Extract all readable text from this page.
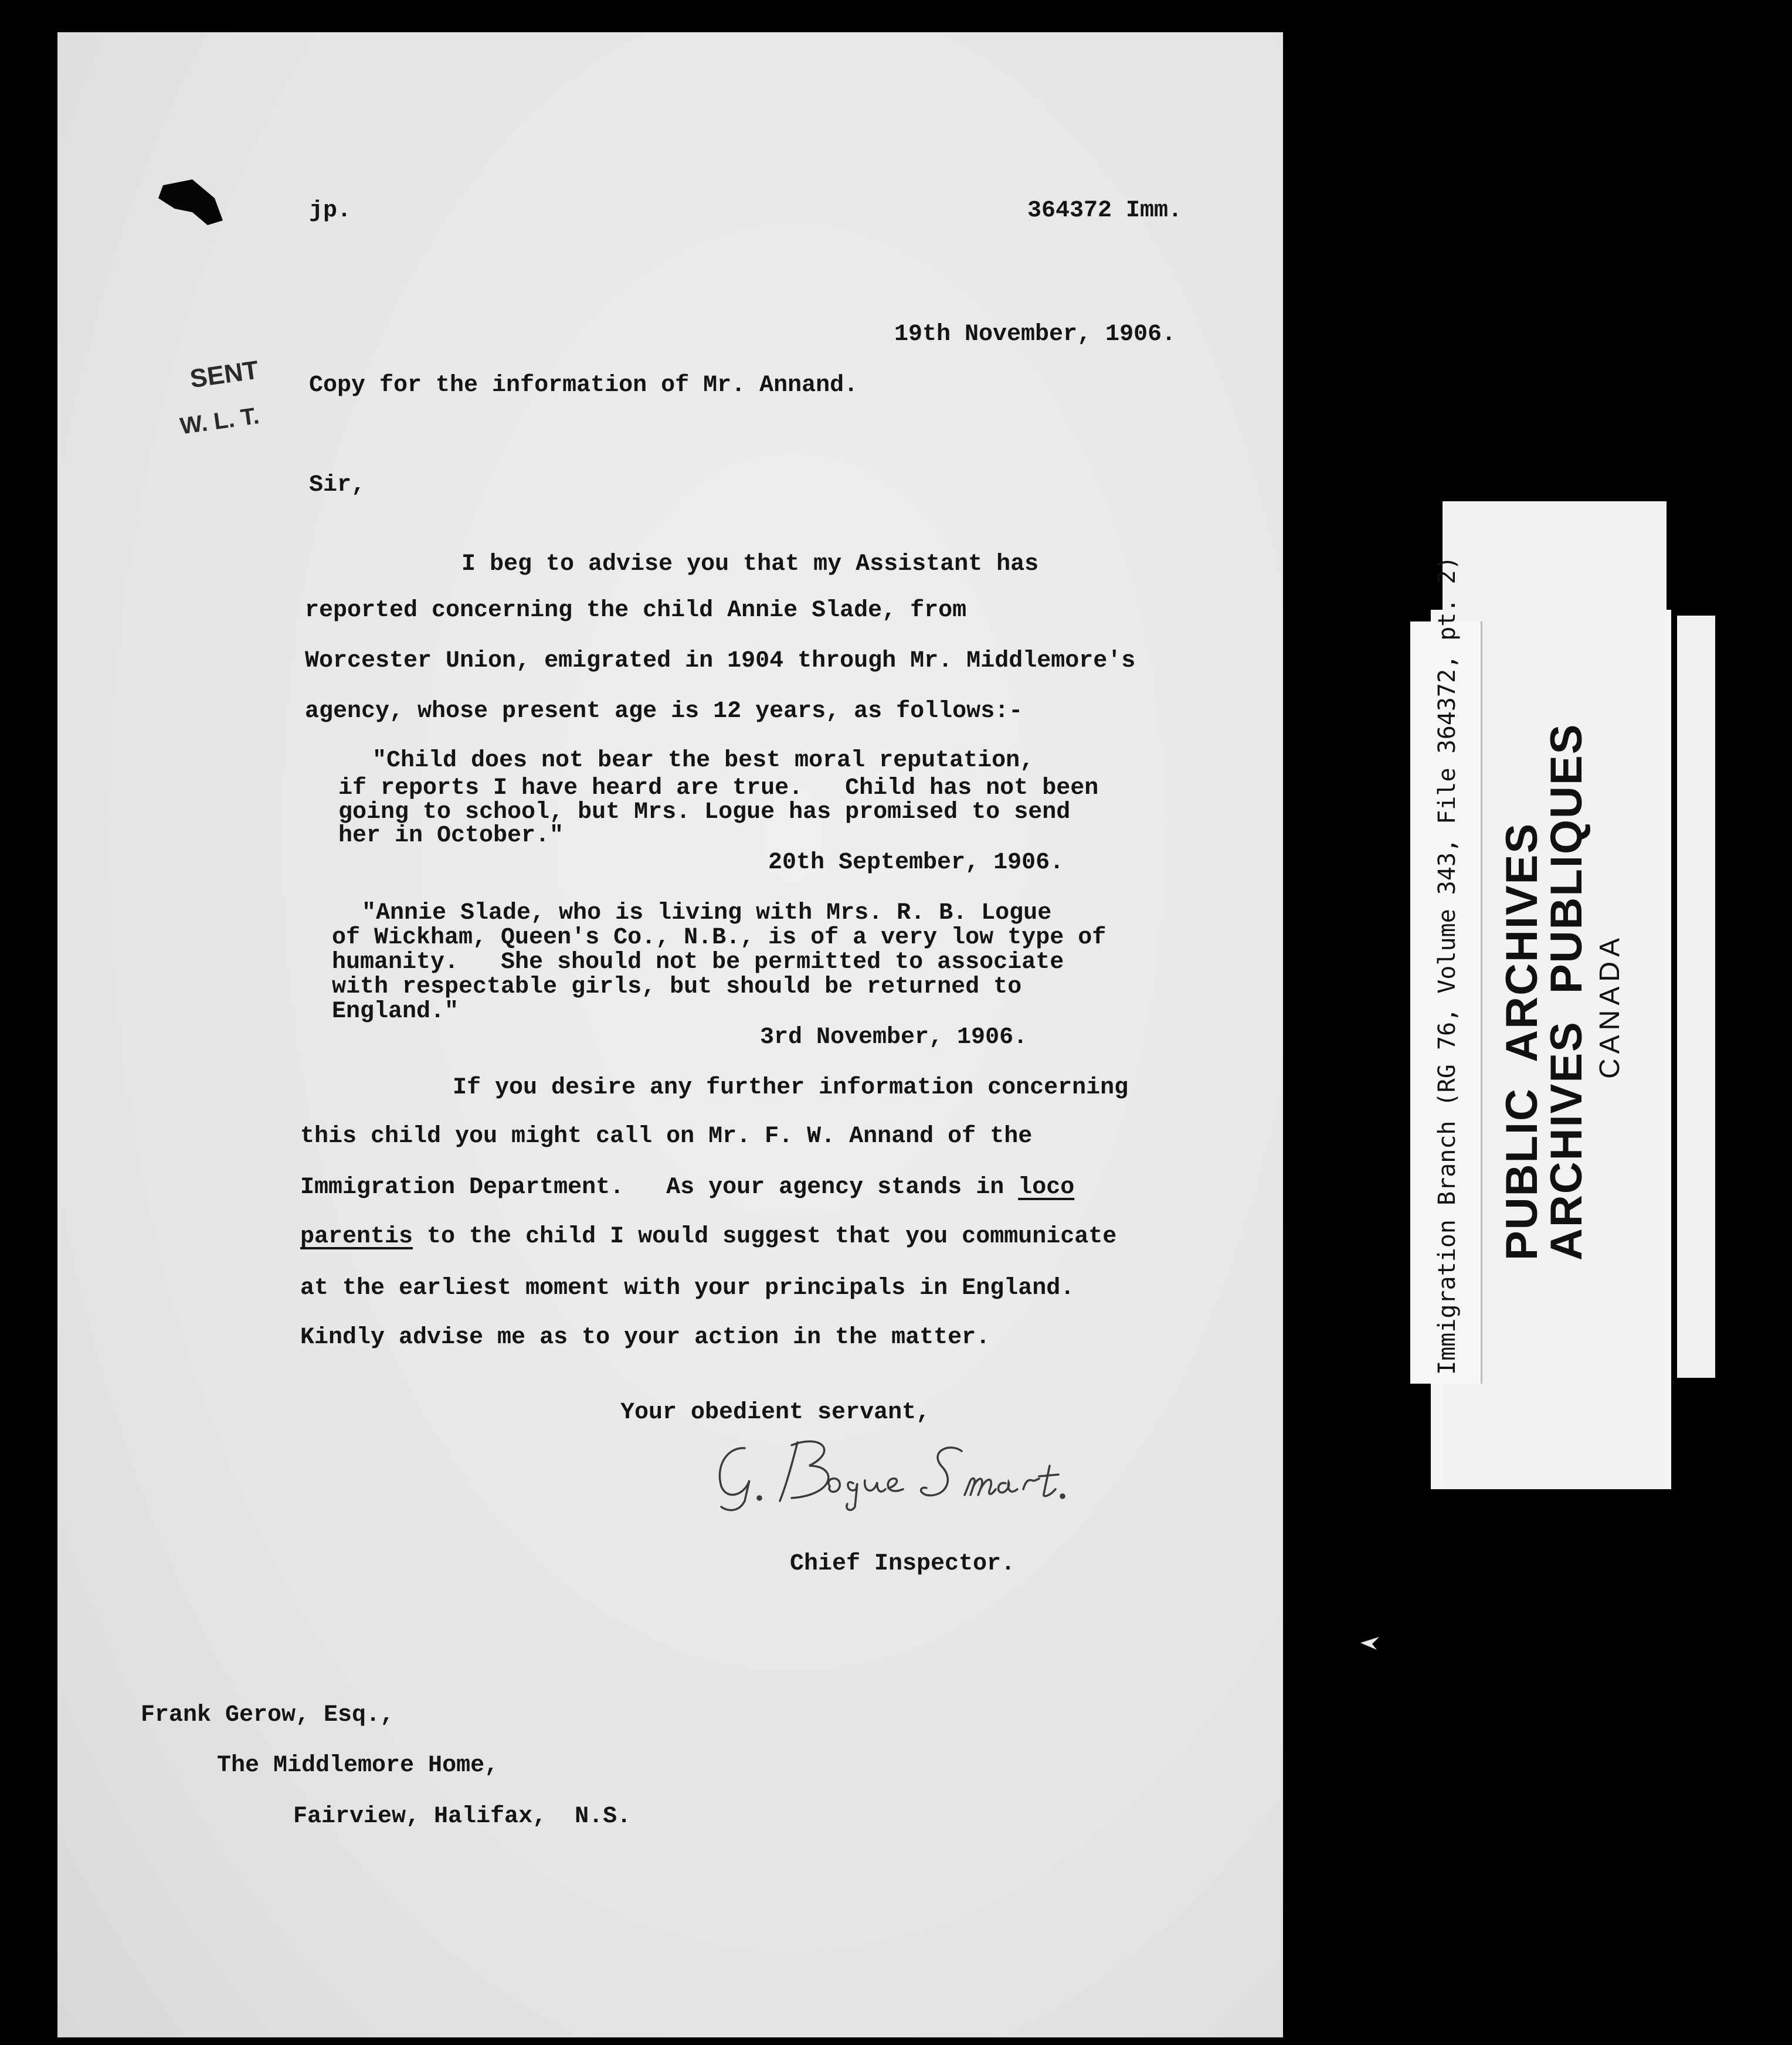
jp.	364372 Imm.
19th November, 1906.

SENT

W. L. T.

Copy for the information of Mr. Annand.
Sir,
I beg to advise you that my Assistant has
reported concerning the child Annie Slade, from
Worcester Union, emigrated in 1904 through Mr. Middlemore's
agency, whose present age is 12 years, as follows:-
"Child does not bear the best moral reputation,
if reports I have heard are true.   Child has not been
going to school, but Mrs. Logue has promised to send
her in October."
20th September, 1906.
"Annie Slade, who is living with Mrs. R. B. Logue
of Wickham, Queen's Co., N.B., is of a very low type of
humanity.   She should not be permitted to associate
with respectable girls, but should be returned to
England."
3rd November, 1906.
If you desire any further information concerning
this child you might call on Mr. F. W. Annand of the
Immigration Department.   As your agency stands in loco
parentis to the child I would suggest that you communicate
at the earliest moment with your principals in England.
Kindly advise me as to your action in the matter.
Your obedient servant,
Chief Inspector.
Frank Gerow, Esq.,
The Middlemore Home,
Fairview, Halifax,  N.S.
Immigration Branch (RG 76, Volume 343, File 364372, pt. 2) PUBLIC  ARCHIVES
ARCHIVES  PUBLIQUES CANADA
